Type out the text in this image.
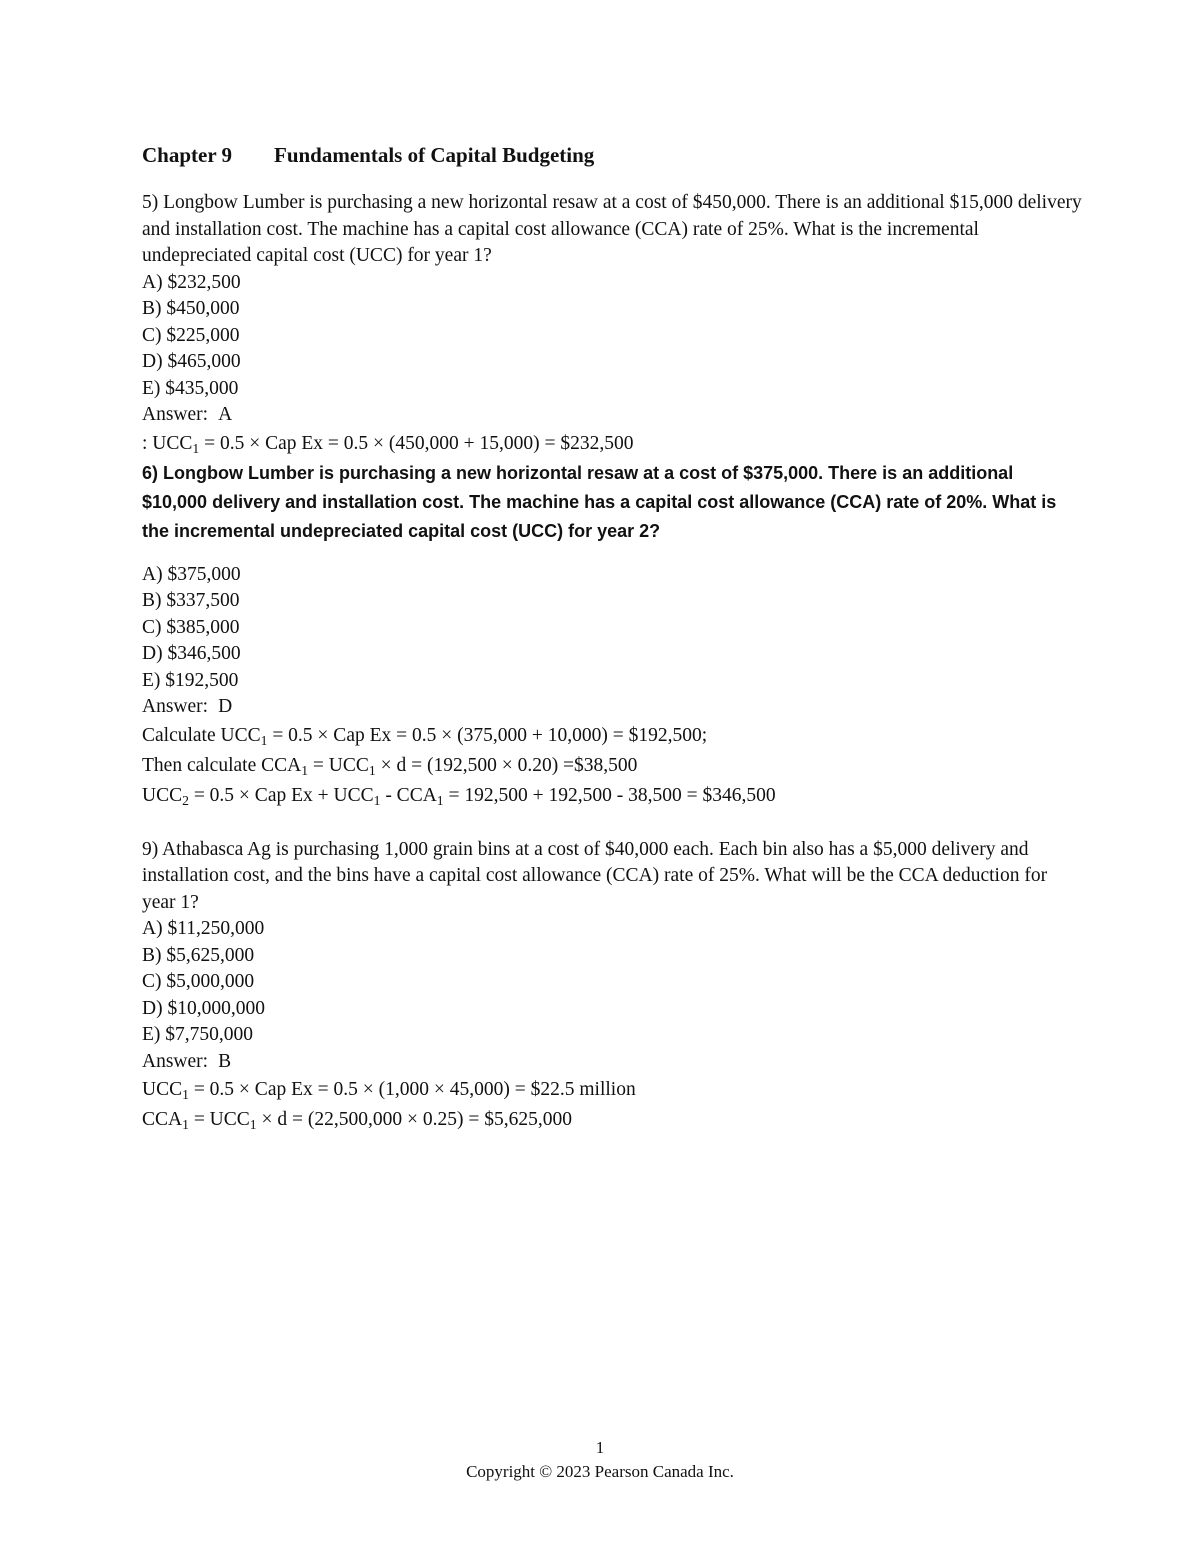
Chapter 9 Fundamentals of Capital Budgeting

5) Longbow Lumber is purchasing a new horizontal resaw at a cost of $450,000. There is an additional $15,000 delivery and installation cost. The machine has a capital cost allowance (CCA) rate of 25%. What is the incremental undepreciated capital cost (UCC) for year 1?

A) $232,500

B) $450,000

C) $225,000

D) $465,000

E) $435,000

Answer: A

: $UCC_1 = 0.5$ × Cap Ex = 0.5 × (450,000 + 15,000) = $232,500

6) Longbow Lumber is purchasing a new horizontal resaw at a cost of $375,000. There is an additional $10,000 delivery and installation cost. The machine has a capital cost allowance (CCA) rate of 20%. What is the incremental undepreciated capital cost (UCC) for year 2?

A) $375,000

B) $337,500

C) $385,000

D) $346,500

E) $192,500

Answer: D

Calculate $UCC_1 = 0.5$ × Cap Ex = 0.5 × (375,000 + 10,000) = $192,500;

Then calculate $CCA_1 = UCC_1 \times d = (192,500 \times 0.20)$ =$38,500

$UCC_2 = 0.5$ × Cap $Ex + UCC_1 - CCA_1 = 192,500 + 192,500 - 38,500$ = $346,500

9) Athabasca Ag is purchasing 1,000 grain bins at a cost of $40,000 each. Each bin also has a $5,000 delivery and installation cost, and the bins have a capital cost allowance (CCA) rate of 25%. What will be the CCA deduction for year 1?

A) $11,250,000

B) $5,625,000

C) $5,000,000

D) $10,000,000

E) $7,750,000

Answer: B

$UCC_1 = 0.5$ × Cap Ex = 0.5 × (1,000 × 45,000) = $22.5 million

$CCA_1 = UCC_1 \times d = (22,500,000 \times 0.25)$ = $5,625,000

1
Copyright © 2023 Pearson Canada Inc.
